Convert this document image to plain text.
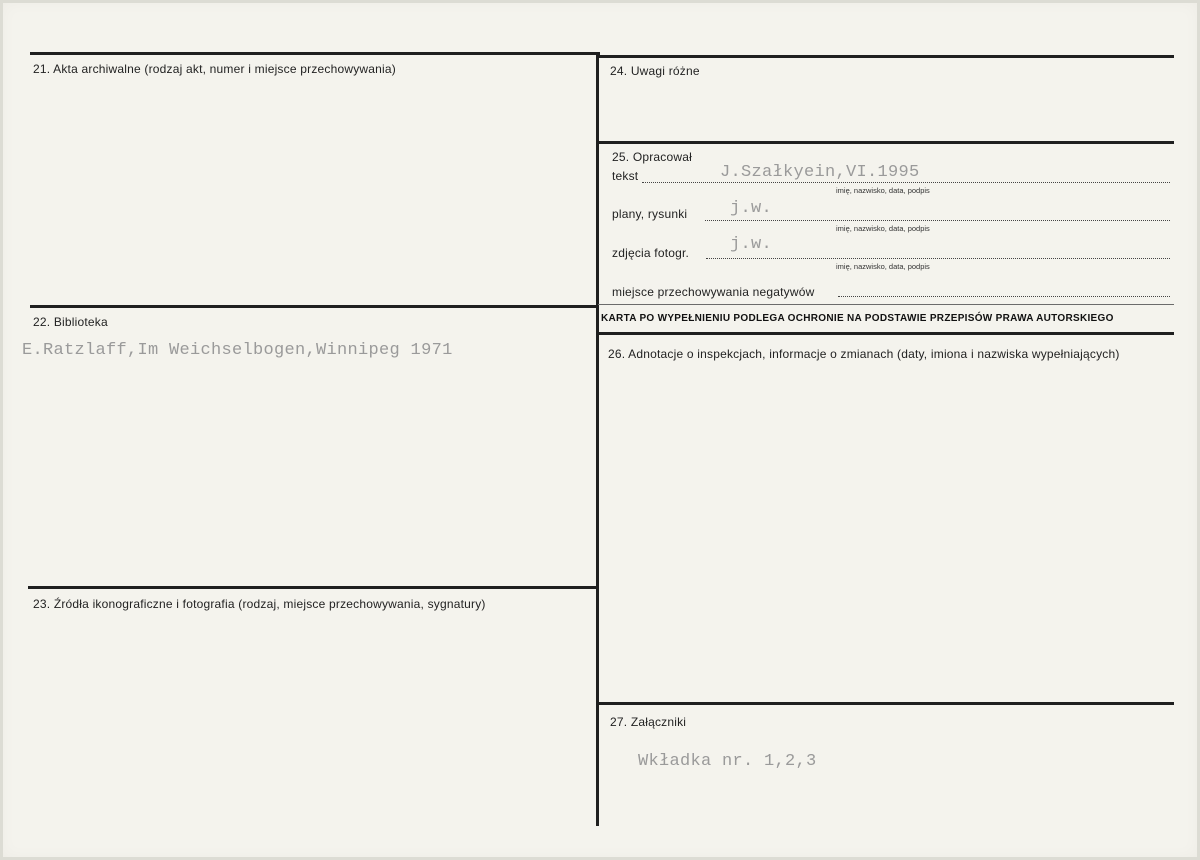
21. Akta archiwalne (rodzaj akt, numer i miejsce przechowywania)
22. Biblioteka
E.Ratzlaff,Im Weichselbogen,Winnipeg 1971
23. Źródła ikonograficzne i fotografia (rodzaj, miejsce przechowywania, sygnatury)
24. Uwagi różne
25. Opracował
tekst	J.Szałkyein,VI.1995
imię, nazwisko, data, podpis
plany, rysunki	j.w.
imię, nazwisko, data, podpis
zdjęcia fotogr. j.w.
imię, nazwisko, data, podpis
miejsce przechowywania negatywów
KARTA PO WYPEŁNIENIU PODLEGA OCHRONIE NA PODSTAWIE PRZEPISÓW PRAWA AUTORSKIEGO
26. Adnotacje o inspekcjach, informacje o zmianach (daty, imiona i nazwiska wypełniających)
27. Załączniki
Wkładka nr. 1,2,3
